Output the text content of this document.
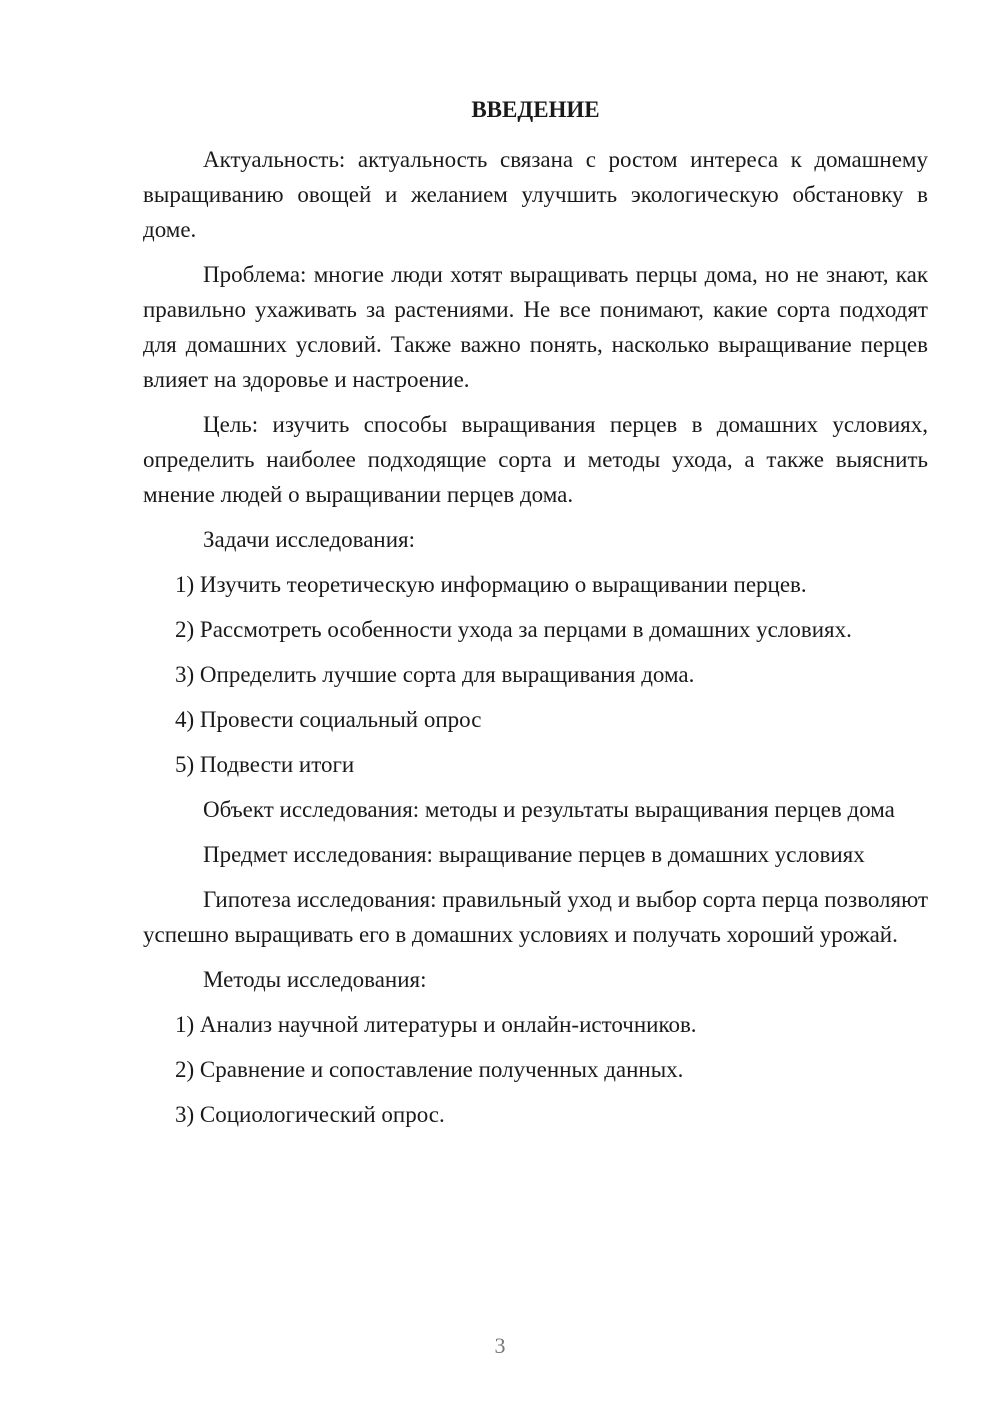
ВВЕДЕНИЕ

Актуальность: актуальность связана с ростом интереса к домашнему выращиванию овощей и желанием улучшить экологическую обстановку в доме.

Проблема: многие люди хотят выращивать перцы дома, но не знают, как правильно ухаживать за растениями. Не все понимают, какие сорта подходят для домашних условий. Также важно понять, насколько выращивание перцев влияет на здоровье и настроение.

Цель: изучить способы выращивания перцев в домашних условиях, определить наиболее подходящие сорта и методы ухода, а также выяснить мнение людей о выращивании перцев дома.

Задачи исследования:

1) Изучить теоретическую информацию о выращивании перцев.
2) Рассмотреть особенности ухода за перцами в домашних условиях.
3) Определить лучшие сорта для выращивания дома.
4) Провести социальный опрос
5) Подвести итоги

Объект исследования: методы и результаты выращивания перцев дома

Предмет исследования: выращивание перцев в домашних условиях

Гипотеза исследования: правильный уход и выбор сорта перца позволяют успешно выращивать его в домашних условиях и получать хороший урожай.

Методы исследования:

1) Анализ научной литературы и онлайн-источников.
2) Сравнение и сопоставление полученных данных.
3) Социологический опрос.
3
